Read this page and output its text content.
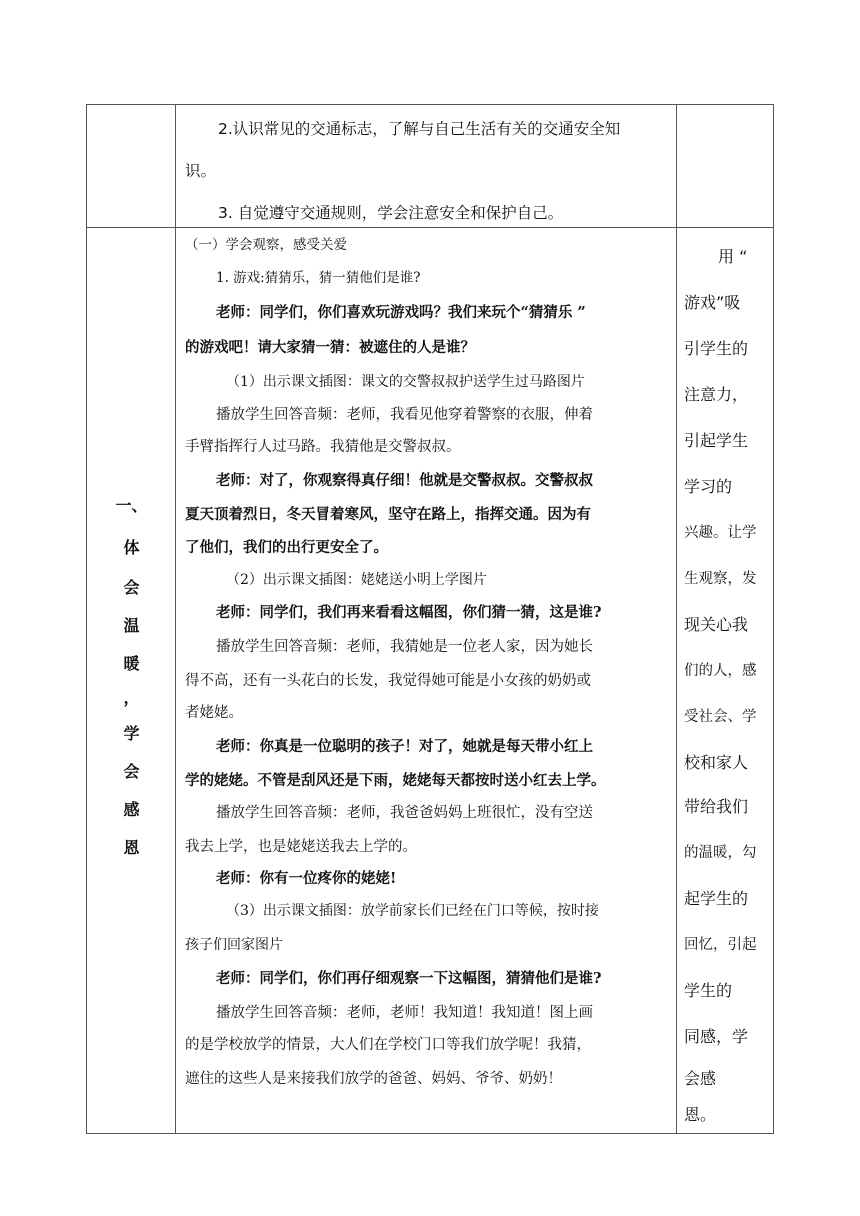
一、
体
会
温
暖
，
学
会
感
恩
2.认识常见的交通标志，了解与自己生活有关的交通安全知
识。
3. 自觉遵守交通规则，学会注意安全和保护自己。
（一）学会观察，感受关爱
1. 游戏:猜猜乐，猜一猜他们是谁?
老师：同学们，你们喜欢玩游戏吗？我们来玩个“猜猜乐 ”
的游戏吧！请大家猜一猜：被遮住的人是谁？
（1）出示课文插图：课文的交警叔叔护送学生过马路图片
播放学生回答音频：老师，我看见他穿着警察的衣服，伸着
手臂指挥行人过马路。我猜他是交警叔叔。
老师：对了，你观察得真仔细！他就是交警叔叔。交警叔叔
夏天顶着烈日，冬天冒着寒风，坚守在路上，指挥交通。因为有
了他们，我们的出行更安全了。
（2）出示课文插图：姥姥送小明上学图片
老师：同学们，我们再来看看这幅图，你们猜一猜，这是谁?
播放学生回答音频：老师，我猜她是一位老人家，因为她长
得不高，还有一头花白的长发，我觉得她可能是小女孩的奶奶或
者姥姥。
老师：你真是一位聪明的孩子！对了，她就是每天带小红上
学的姥姥。不管是刮风还是下雨，姥姥每天都按时送小红去上学。
播放学生回答音频：老师，我爸爸妈妈上班很忙，没有空送
我去上学，也是姥姥送我去上学的。
老师：你有一位疼你的姥姥!
（3）出示课文插图：放学前家长们已经在门口等候，按时接
孩子们回家图片
老师：同学们，你们再仔细观察一下这幅图，猜猜他们是谁?
播放学生回答音频：老师，老师！我知道！我知道！图上画
的是学校放学的情景，大人们在学校门口等我们放学呢！我猜，
遮住的这些人是来接我们放学的爸爸、妈妈、爷爷、奶奶！
用 “
游戏”吸
引学生的
注意力，
引起学生
学习的
兴趣。让学
生观察，发
现关心我
们的人，感
受社会、学
校和家人
带给我们
的温暖，勾
起学生的
回忆，引起
学生的
同感，学
会感
恩。
